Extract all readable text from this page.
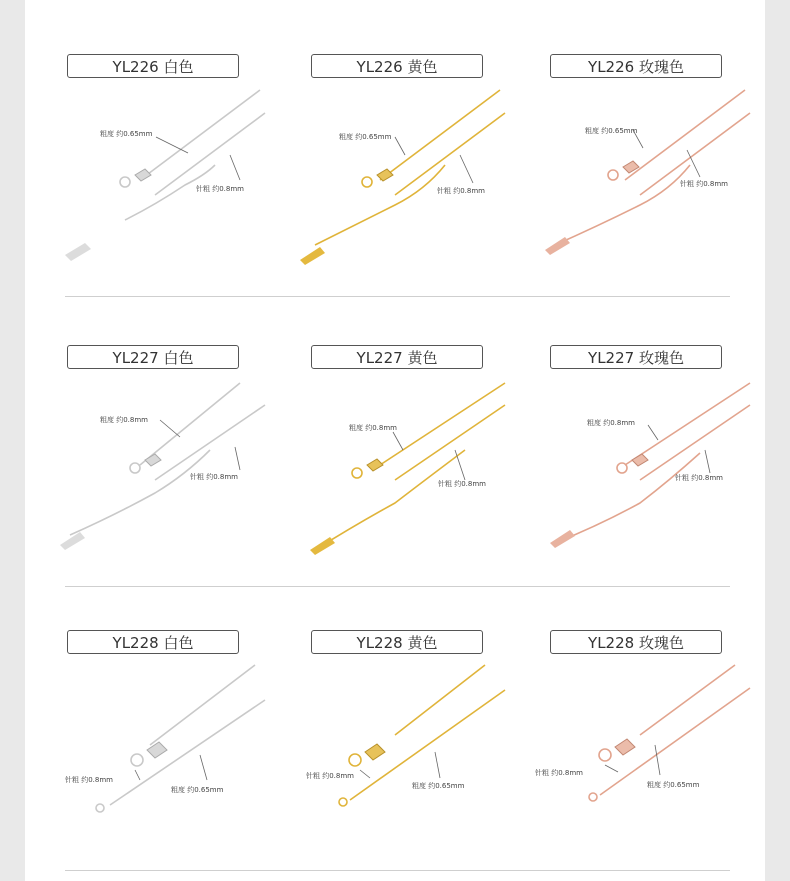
YL226 白色	YL226 黄色	YL226 玫瑰色
粗度 约0.65mm
针粗 约0.8mm
粗度 约0.65mm
针粗 约0.8mm
粗度 约0.65mm
针粗 约0.8mm
YL227 白色	YL227 黄色	YL227 玫瑰色
粗度 约0.8mm
针粗 约0.8mm
粗度 约0.8mm
针粗 约0.8mm
粗度 约0.8mm
针粗 约0.8mm
YL228 白色	YL228 黄色	YL228 玫瑰色
针粗 约0.8mm
粗度 约0.65mm
针粗 约0.8mm
粗度 约0.65mm
针粗 约0.8mm
粗度 约0.65mm
